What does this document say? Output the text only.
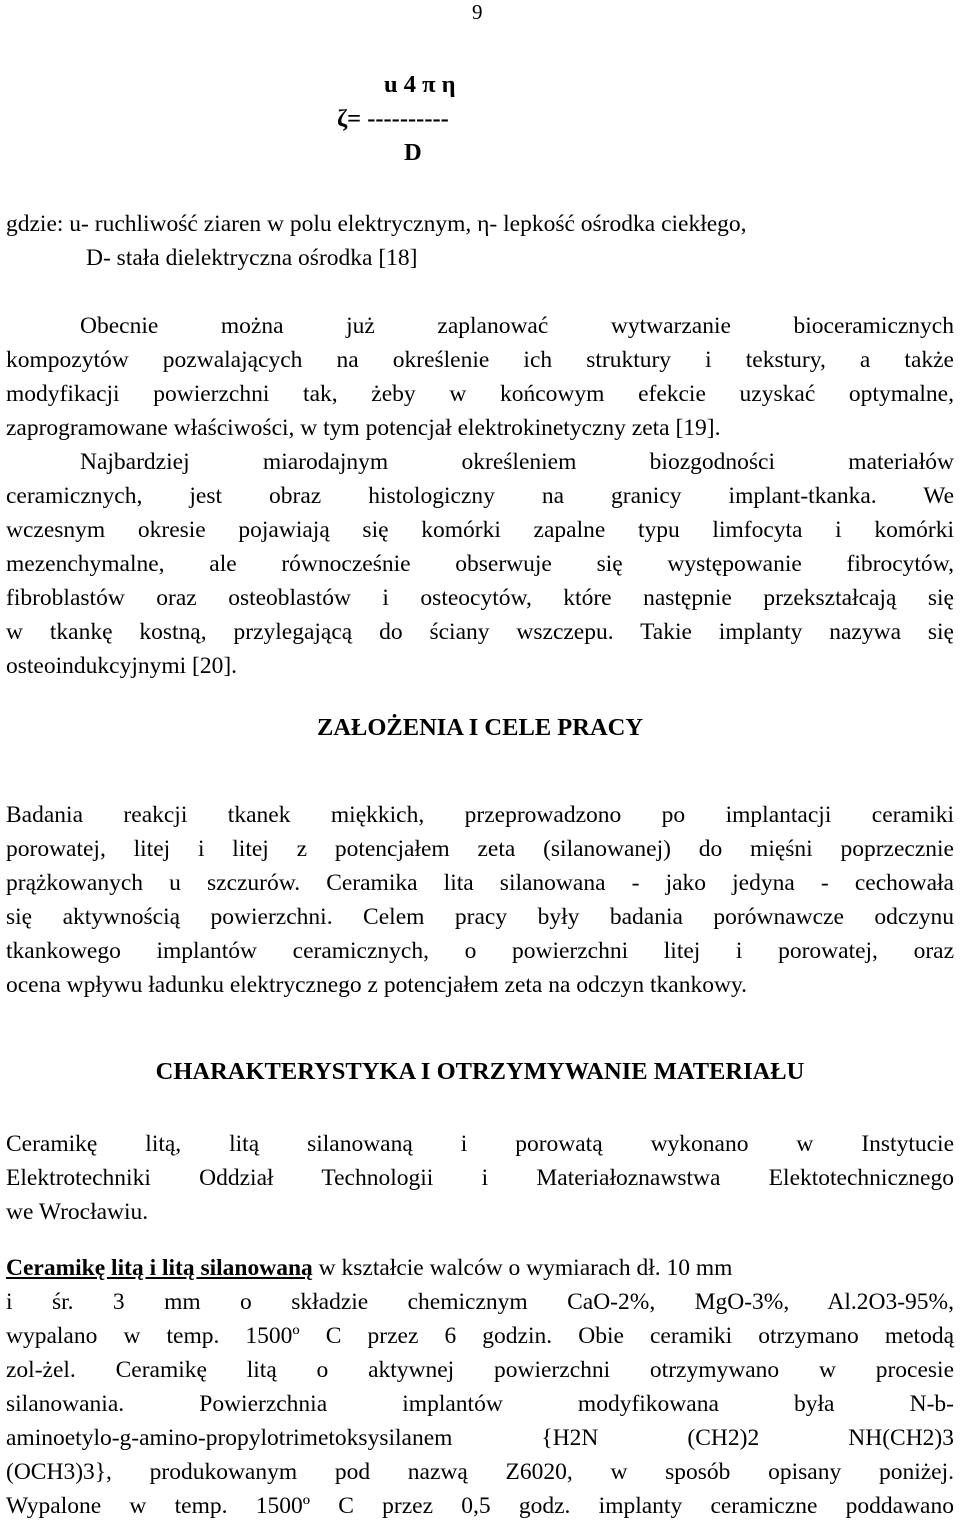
9
u 4 π η
ζ= ----------
D
gdzie: u- ruchliwość ziaren w polu elektrycznym, η- lepkość ośrodka ciekłego,
D- stała dielektryczna ośrodka [18]
Obecnie można już zaplanować wytwarzanie bioceramicznych
kompozytów pozwalających na określenie ich struktury i tekstury, a także
modyfikacji powierzchni tak, żeby w końcowym efekcie uzyskać optymalne,
zaprogramowane właściwości, w tym potencjał elektrokinetyczny zeta [19].
Najbardziej miarodajnym określeniem biozgodności materiałów
ceramicznych, jest obraz histologiczny na granicy implant-tkanka. We
wczesnym okresie pojawiają się komórki zapalne typu limfocyta i komórki
mezenchymalne, ale równocześnie obserwuje się występowanie fibrocytów,
fibroblastów oraz osteoblastów i osteocytów, które następnie przekształcają się
w tkankę kostną, przylegającą do ściany wszczepu. Takie implanty nazywa się
osteoindukcyjnymi [20].
ZAŁOŻENIA I CELE PRACY
Badania reakcji tkanek miękkich, przeprowadzono po implantacji ceramiki
porowatej, litej i litej z potencjałem zeta (silanowanej) do mięśni poprzecznie
prążkowanych u szczurów. Ceramika lita silanowana - jako jedyna - cechowała
się aktywnością powierzchni. Celem pracy były badania porównawcze odczynu
tkankowego implantów ceramicznych, o powierzchni litej i porowatej, oraz
ocena wpływu ładunku elektrycznego z potencjałem zeta na odczyn tkankowy.
CHARAKTERYSTYKA I OTRZYMYWANIE MATERIAŁU
Ceramikę litą, litą silanowaną i porowatą wykonano w Instytucie
Elektrotechniki Oddział Technologii i Materiałoznawstwa Elektotechnicznego
we Wrocławiu.
Ceramikę litą i litą silanowaną w kształcie walców o wymiarach dł. 10 mm
i śr. 3 mm o składzie chemicznym CaO-2%, MgO-3%, Al.2O3-95%,
wypalano w temp. 1500º C przez 6 godzin. Obie ceramiki otrzymano metodą
zol-żel. Ceramikę litą o aktywnej powierzchni otrzymywano w procesie
silanowania. Powierzchnia implantów modyfikowana była N-b-
aminoetylo-g-amino-propylotrimetoksysilanem {H2N (CH2)2 NH(CH2)3
(OCH3)3}, produkowanym pod nazwą Z6020, w sposób opisany poniżej.
Wypalone w temp. 1500º C przez 0,5 godz. implanty ceramiczne poddawano
